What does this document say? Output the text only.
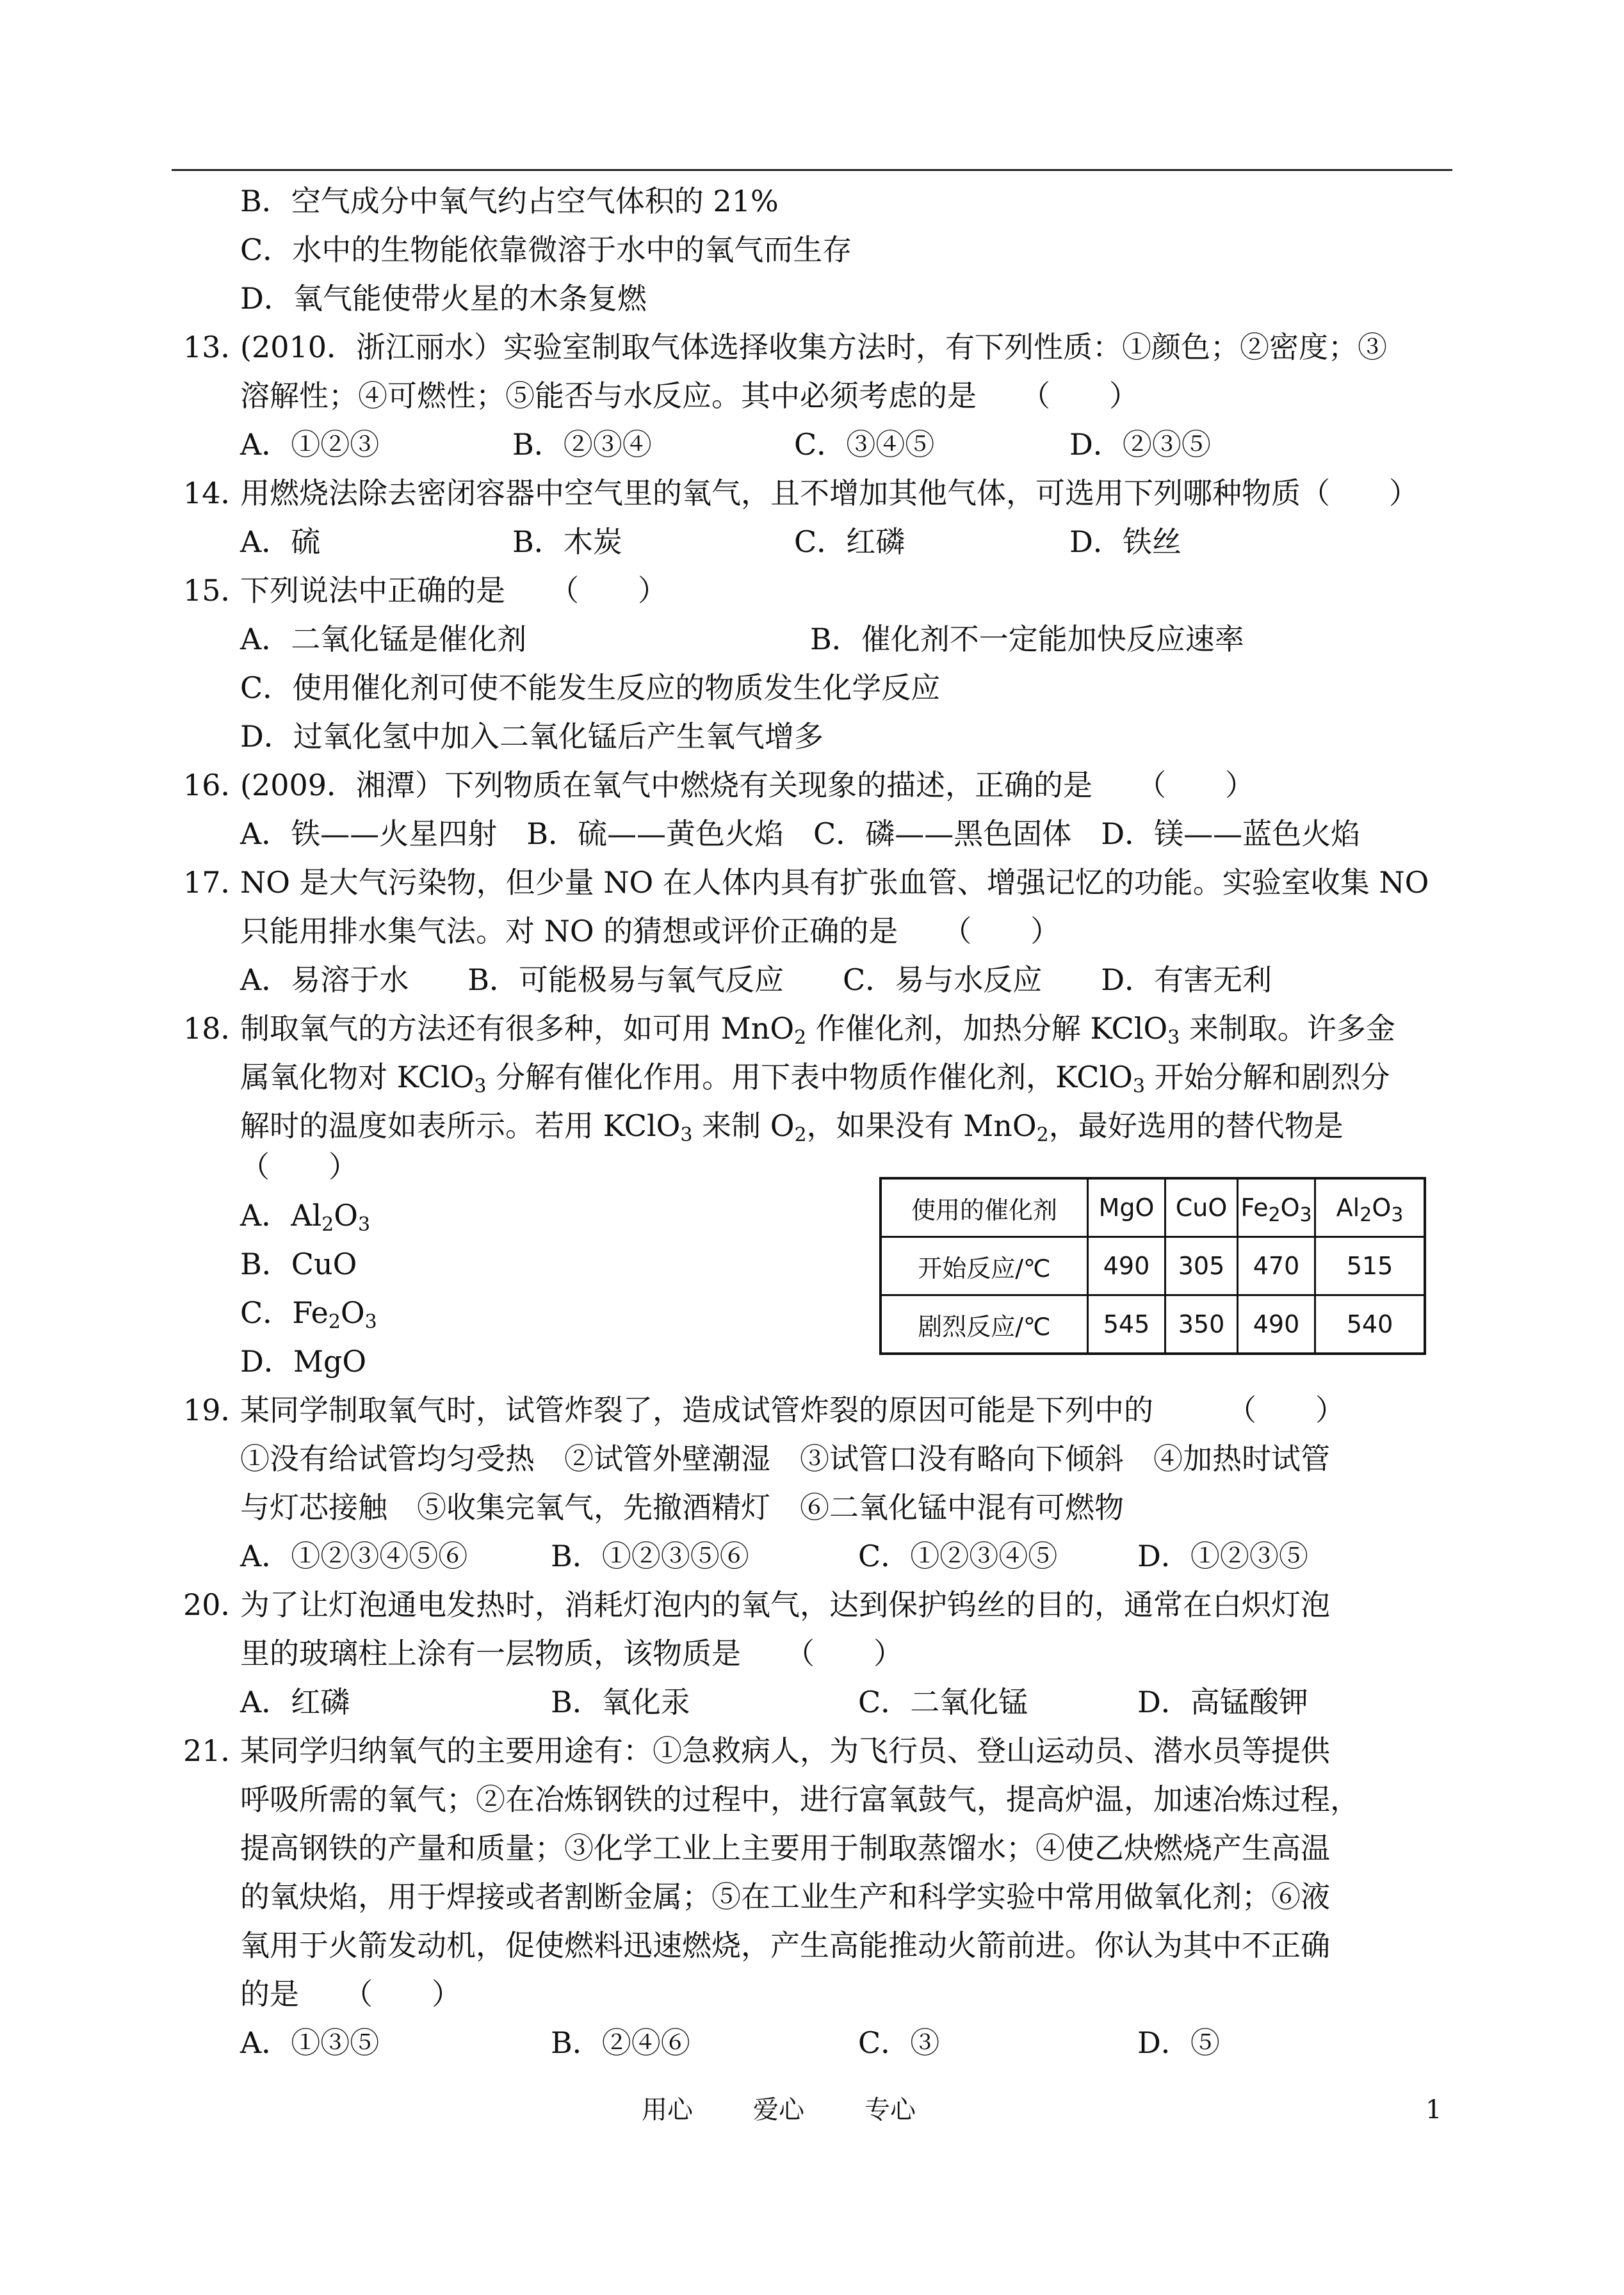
B．空气成分中氧气约占空气体积的 21%
C．水中的生物能依靠微溶于水中的氧气而生存
D．氧气能使带火星的木条复燃
13．
(2010．浙江丽水）实验室制取气体选择收集方法时，有下列性质：①颜色；②密度；③
溶解性；④可燃性；⑤能否与水反应。其中必须考虑的是　　（　　）
A．①②③	B．②③④	C．③④⑤	D．②③⑤
14．
用燃烧法除去密闭容器中空气里的氧气，且不增加其他气体，可选用下列哪种物质（　　）
A．硫	B．木炭	C．红磷	D．铁丝
15．
下列说法中正确的是　　（　　）
A．二氧化锰是催化剂	B．催化剂不一定能加快反应速率
C．使用催化剂可使不能发生反应的物质发生化学反应
D．过氧化氢中加入二氧化锰后产生氧气增多
16．
(2009．湘潭）下列物质在氧气中燃烧有关现象的描述，正确的是　　（　　）
A．铁——火星四射　B．硫——黄色火焰　C．磷——黑色固体　D．镁——蓝色火焰
17．
NO 是大气污染物，但少量 NO 在人体内具有扩张血管、增强记忆的功能。实验室收集 NO
只能用排水集气法。对 NO 的猜想或评价正确的是　　（　　）
A．易溶于水　　B．可能极易与氧气反应　　C．易与水反应　　D．有害无利
18．
制取氧气的方法还有很多种，如可用 MnO$_2$ 作催化剂，加热分解 KClO$_3$ 来制取。许多金
属氧化物对 KClO$_3$ 分解有催化作用。用下表中物质作催化剂，KClO$_3$ 开始分解和剧烈分
解时的温度如表所示。若用 KClO$_3$ 来制 $O_2$，如果没有 MnO$_2$，最好选用的替代物是
（　　）
A．$Al_2O_3$
B．CuO
C．$Fe_2O_3$
D．MgO
使用的催化剂	MgO	CuO	$Fe_2O_3$	$Al_2O_3$
开始反应/℃	490	305	470	515
剧烈反应/℃	545	350	490	540
19．
某同学制取氧气时，试管炸裂了，造成试管炸裂的原因可能是下列中的　　　（　　）
①没有给试管均匀受热　②试管外壁潮湿　③试管口没有略向下倾斜　④加热时试管
与灯芯接触　⑤收集完氧气，先撤酒精灯　⑥二氧化锰中混有可燃物
A．①②③④⑤⑥	B．①②③⑤⑥	C．①②③④⑤	D．①②③⑤
20．
为了让灯泡通电发热时，消耗灯泡内的氧气，达到保护钨丝的目的，通常在白炽灯泡
里的玻璃柱上涂有一层物质，该物质是　　（　　）
A．红磷	B．氧化汞	C．二氧化锰	D．高锰酸钾
21．
某同学归纳氧气的主要用途有：①急救病人，为飞行员、登山运动员、潜水员等提供
呼吸所需的氧气；②在冶炼钢铁的过程中，进行富氧鼓气，提高炉温，加速冶炼过程，
提高钢铁的产量和质量；③化学工业上主要用于制取蒸馏水；④使乙炔燃烧产生高温
的氧炔焰，用于焊接或者割断金属；⑤在工业生产和科学实验中常用做氧化剂；⑥液
氧用于火箭发动机，促使燃料迅速燃烧，产生高能推动火箭前进。你认为其中不正确
的是　　（　　）
A．①③⑤	B．②④⑥	C．③	D．⑤
用心 爱心 专心	1
